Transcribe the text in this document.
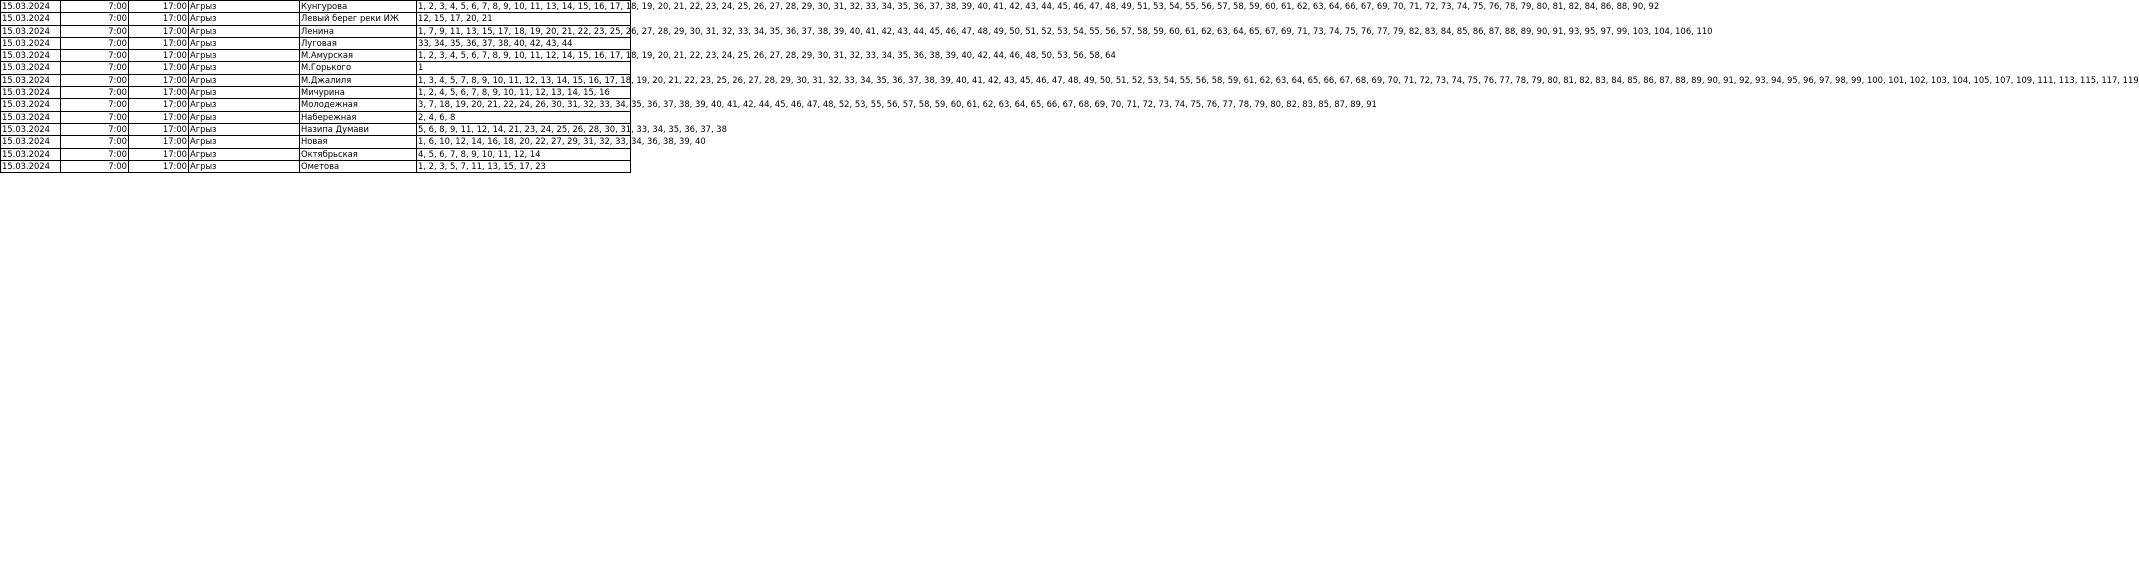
15.03.2024	7:00	17:00	Агрыз	Кунгурова	1, 2, 3, 4, 5, 6, 7, 8, 9, 10, 11, 13, 14, 15, 16, 17, 18, 19, 20, 21, 22, 23, 24, 25, 26, 27, 28, 29, 30, 31, 32, 33, 34, 35, 36, 37, 38, 39, 40, 41, 42, 43, 44, 45, 46, 47, 48, 49, 51, 53, 54, 55, 56, 57, 58, 59, 60, 61, 62, 63, 64, 66, 67, 69, 70, 71, 72, 73, 74, 75, 76, 78, 79, 80, 81, 82, 84, 86, 88, 90, 92
15.03.2024	7:00	17:00	Агрыз	Левый берег реки ИЖ	12, 15, 17, 20, 21
15.03.2024	7:00	17:00	Агрыз	Ленина	1, 7, 9, 11, 13, 15, 17, 18, 19, 20, 21, 22, 23, 25, 26, 27, 28, 29, 30, 31, 32, 33, 34, 35, 36, 37, 38, 39, 40, 41, 42, 43, 44, 45, 46, 47, 48, 49, 50, 51, 52, 53, 54, 55, 56, 57, 58, 59, 60, 61, 62, 63, 64, 65, 67, 69, 71, 73, 74, 75, 76, 77, 79, 82, 83, 84, 85, 86, 87, 88, 89, 90, 91, 93, 95, 97, 99, 103, 104, 106, 110
15.03.2024	7:00	17:00	Агрыз	Луговая	33, 34, 35, 36, 37, 38, 40, 42, 43, 44
15.03.2024	7:00	17:00	Агрыз	М.Амурская	1, 2, 3, 4, 5, 6, 7, 8, 9, 10, 11, 12, 14, 15, 16, 17, 18, 19, 20, 21, 22, 23, 24, 25, 26, 27, 28, 29, 30, 31, 32, 33, 34, 35, 36, 38, 39, 40, 42, 44, 46, 48, 50, 53, 56, 58, 64
15.03.2024	7:00	17:00	Агрыз	М.Горького	1
15.03.2024	7:00	17:00	Агрыз	М.Джалиля	1, 3, 4, 5, 7, 8, 9, 10, 11, 12, 13, 14, 15, 16, 17, 18, 19, 20, 21, 22, 23, 25, 26, 27, 28, 29, 30, 31, 32, 33, 34, 35, 36, 37, 38, 39, 40, 41, 42, 43, 45, 46, 47, 48, 49, 50, 51, 52, 53, 54, 55, 56, 58, 59, 61, 62, 63, 64, 65, 66, 67, 68, 69, 70, 71, 72, 73, 74, 75, 76, 77, 78, 79, 80, 81, 82, 83, 84, 85, 86, 87, 88, 89, 90, 91, 92, 93, 94, 95, 96, 97, 98, 99, 100, 101, 102, 103, 104, 105, 107, 109, 111, 113, 115, 117, 119
15.03.2024	7:00	17:00	Агрыз	Мичурина	1, 2, 4, 5, 6, 7, 8, 9, 10, 11, 12, 13, 14, 15, 16
15.03.2024	7:00	17:00	Агрыз	Молодежная	3, 7, 18, 19, 20, 21, 22, 24, 26, 30, 31, 32, 33, 34, 35, 36, 37, 38, 39, 40, 41, 42, 44, 45, 46, 47, 48, 52, 53, 55, 56, 57, 58, 59, 60, 61, 62, 63, 64, 65, 66, 67, 68, 69, 70, 71, 72, 73, 74, 75, 76, 77, 78, 79, 80, 82, 83, 85, 87, 89, 91
15.03.2024	7:00	17:00	Агрыз	Набережная	2, 4, 6, 8
15.03.2024	7:00	17:00	Агрыз	Назипа Думави	5, 6, 8, 9, 11, 12, 14, 21, 23, 24, 25, 26, 28, 30, 31, 33, 34, 35, 36, 37, 38
15.03.2024	7:00	17:00	Агрыз	Новая	1, 6, 10, 12, 14, 16, 18, 20, 22, 27, 29, 31, 32, 33, 34, 36, 38, 39, 40
15.03.2024	7:00	17:00	Агрыз	Октябрьская	4, 5, 6, 7, 8, 9, 10, 11, 12, 14
15.03.2024	7:00	17:00	Агрыз	Ометова	1, 2, 3, 5, 7, 11, 13, 15, 17, 23
